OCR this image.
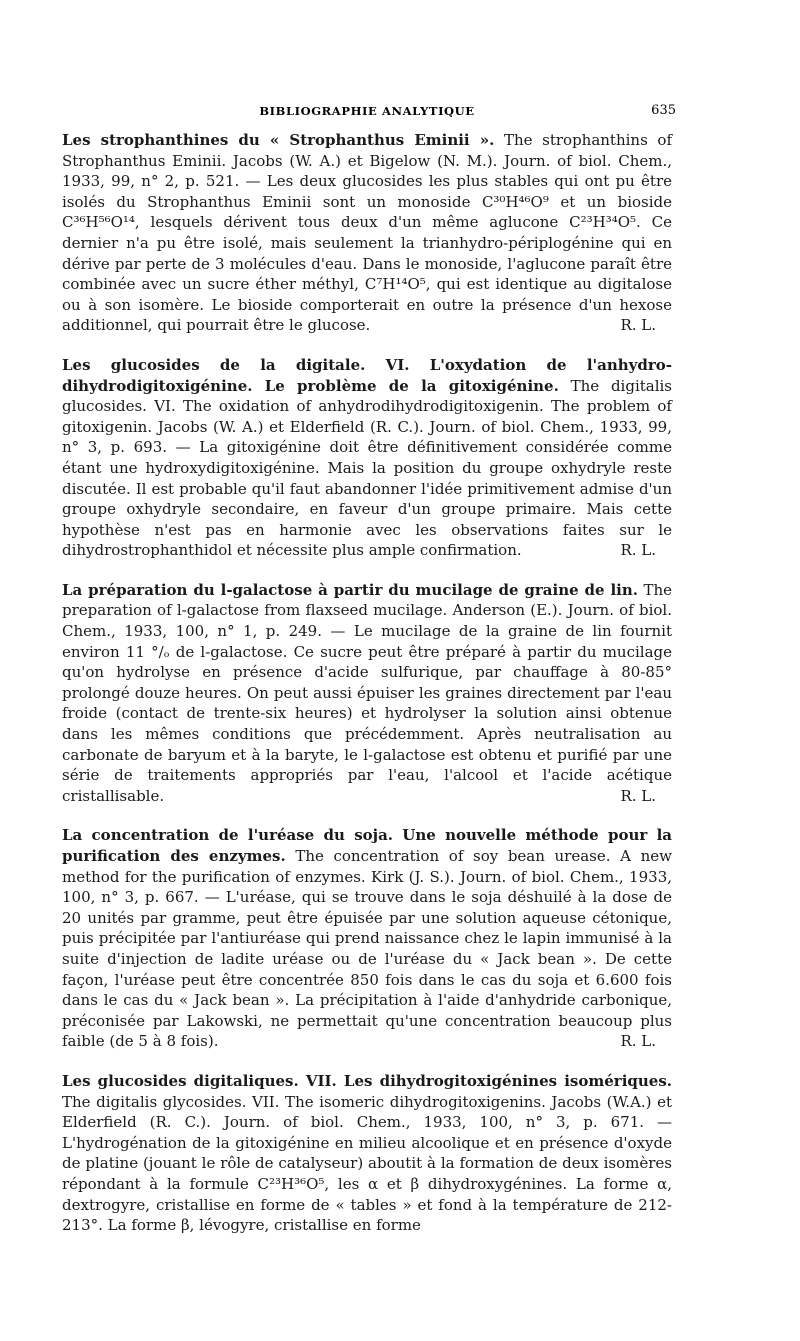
BIBLIOGRAPHIE ANALYTIQUE	635

Les strophanthines du « Strophanthus Eminii ». The strophanthins of Strophanthus Eminii. Jacobs (W. A.) et Bigelow (N. M.). Journ. of biol. Chem., 1933, 99, n° 2, p. 521. — Les deux glucosides les plus stables qui ont pu être isolés du Strophanthus Eminii sont un monoside C³⁰H⁴⁶O⁹ et un bioside C³⁶H⁵⁶O¹⁴, lesquels dérivent tous deux d'un même aglucone C²³H³⁴O⁵. Ce dernier n'a pu être isolé, mais seulement la trianhydro-périplogénine qui en dérive par perte de 3 molécules d'eau. Dans le monoside, l'aglucone paraît être combinée avec un sucre éther méthyl, C⁷H¹⁴O⁵, qui est identique au digitalose ou à son isomère. Le bioside comporterait en outre la présence d'un hexose additionnel, qui pourrait être le glucose.	R. L.

Les glucosides de la digitale. VI. L'oxydation de l'anhydro-dihydrodigitoxigénine. Le problème de la gitoxigénine. The digitalis glucosides. VI. The oxidation of anhydrodihydrodigitoxigenin. The problem of gitoxigenin. Jacobs (W. A.) et Elderfield (R. C.). Journ. of biol. Chem., 1933, 99, n° 3, p. 693. — La gitoxigénine doit être définitivement considérée comme étant une hydroxydigitoxigénine. Mais la position du groupe oxhydryle reste discutée. Il est probable qu'il faut abandonner l'idée primitivement admise d'un groupe oxhydryle secondaire, en faveur d'un groupe primaire. Mais cette hypothèse n'est pas en harmonie avec les observations faites sur le dihydrostrophanthidol et nécessite plus ample confirmation.	R. L.

La préparation du l-galactose à partir du mucilage de graine de lin. The preparation of l-galactose from flaxseed mucilage. Anderson (E.). Journ. of biol. Chem., 1933, 100, n° 1, p. 249. — Le mucilage de la graine de lin fournit environ 11 °/ₒ de l-galactose. Ce sucre peut être préparé à partir du mucilage qu'on hydrolyse en présence d'acide sulfurique, par chauffage à 80-85° prolongé douze heures. On peut aussi épuiser les graines directement par l'eau froide (contact de trente-six heures) et hydrolyser la solution ainsi obtenue dans les mêmes conditions que précédemment. Après neutralisation au carbonate de baryum et à la baryte, le l-galactose est obtenu et purifié par une série de traitements appropriés par l'eau, l'alcool et l'acide acétique cristallisable.	R. L.

La concentration de l'uréase du soja. Une nouvelle méthode pour la purification des enzymes. The concentration of soy bean urease. A new method for the purification of enzymes. Kirk (J. S.). Journ. of biol. Chem., 1933, 100, n° 3, p. 667. — L'uréase, qui se trouve dans le soja déshuilé à la dose de 20 unités par gramme, peut être épuisée par une solution aqueuse cétonique, puis précipitée par l'antiuréase qui prend naissance chez le lapin immunisé à la suite d'injection de ladite uréase ou de l'uréase du « Jack bean ». De cette façon, l'uréase peut être concentrée 850 fois dans le cas du soja et 6.600 fois dans le cas du « Jack bean ». La précipitation à l'aide d'anhydride carbonique, préconisée par Lakowski, ne permettait qu'une concentration beaucoup plus faible (de 5 à 8 fois).	R. L.

Les glucosides digitaliques. VII. Les dihydrogitoxigénines isomériques. The digitalis glycosides. VII. The isomeric dihydrogitoxigenins. Jacobs (W.A.) et Elderfield (R. C.). Journ. of biol. Chem., 1933, 100, n° 3, p. 671. — L'hydrogénation de la gitoxigénine en milieu alcoolique et en présence d'oxyde de platine (jouant le rôle de catalyseur) aboutit à la formation de deux isomères répondant à la formule C²³H³⁶O⁵, les α et β dihydroxygénines. La forme α, dextrogyre, cristallise en forme de « tables » et fond à la température de 212-213°. La forme β, lévogyre, cristallise en forme
